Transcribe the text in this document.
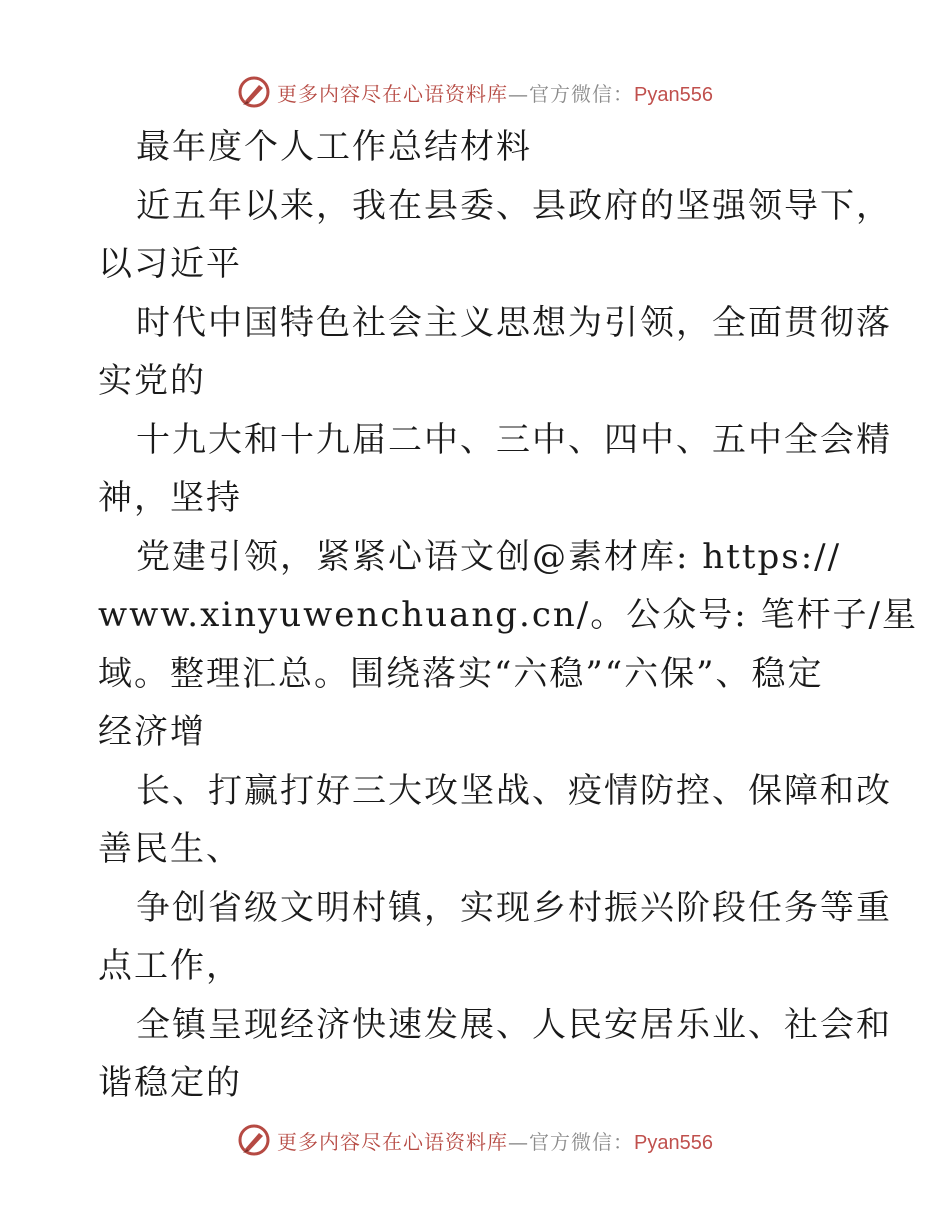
更多内容尽在心语资料库—官方微信：Pyan556
最年度个人工作总结材料
近五年以来，我在县委、县政府的坚强领导下，
以习近平
时代中国特色社会主义思想为引领，全面贯彻落
实党的
十九大和十九届二中、三中、四中、五中全会精
神，坚持
党建引领，紧紧心语文创@素材库: https://
www.xinyuwenchuang.cn/。公众号: 笔杆子/星
域。整理汇总。围绕落实“六稳”“六保”、稳定
经济增
长、打赢打好三大攻坚战、疫情防控、保障和改
善民生、
争创省级文明村镇，实现乡村振兴阶段任务等重
点工作，
全镇呈现经济快速发展、人民安居乐业、社会和
谐稳定的
更多内容尽在心语资料库—官方微信：Pyan556
